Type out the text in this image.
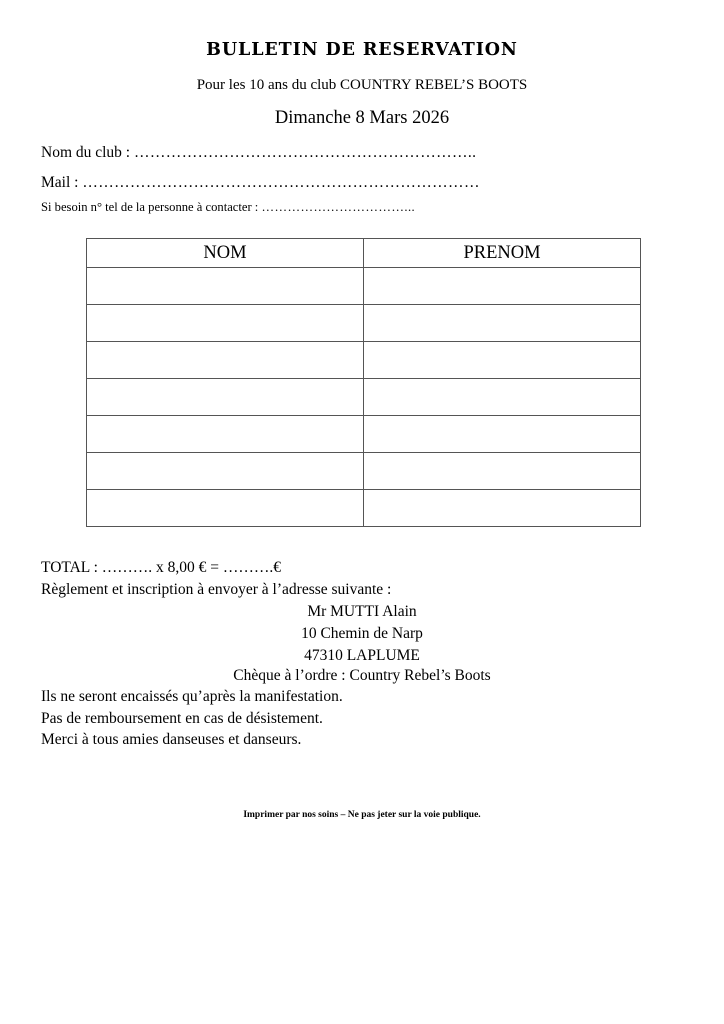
BULLETIN DE RESERVATION
Pour les 10 ans du club COUNTRY REBEL’S BOOTS
Dimanche 8 Mars 2026
Nom du club : ………………………………………………………..
Mail : …………………………………………………………………
Si besoin n° tel de la personne à contacter : ……………………………...
NOM	PRENOM

TOTAL : ………. x 8,00 € = ……….€
Règlement et inscription à envoyer à l’adresse suivante :
Mr MUTTI Alain
10 Chemin de Narp
47310 LAPLUME
Chèque à l’ordre : Country Rebel’s Boots
Ils ne seront encaissés qu’après la manifestation.
Pas de remboursement en cas de désistement.
Merci à tous amies danseuses et danseurs.
Imprimer par nos soins – Ne pas jeter sur la voie publique.
